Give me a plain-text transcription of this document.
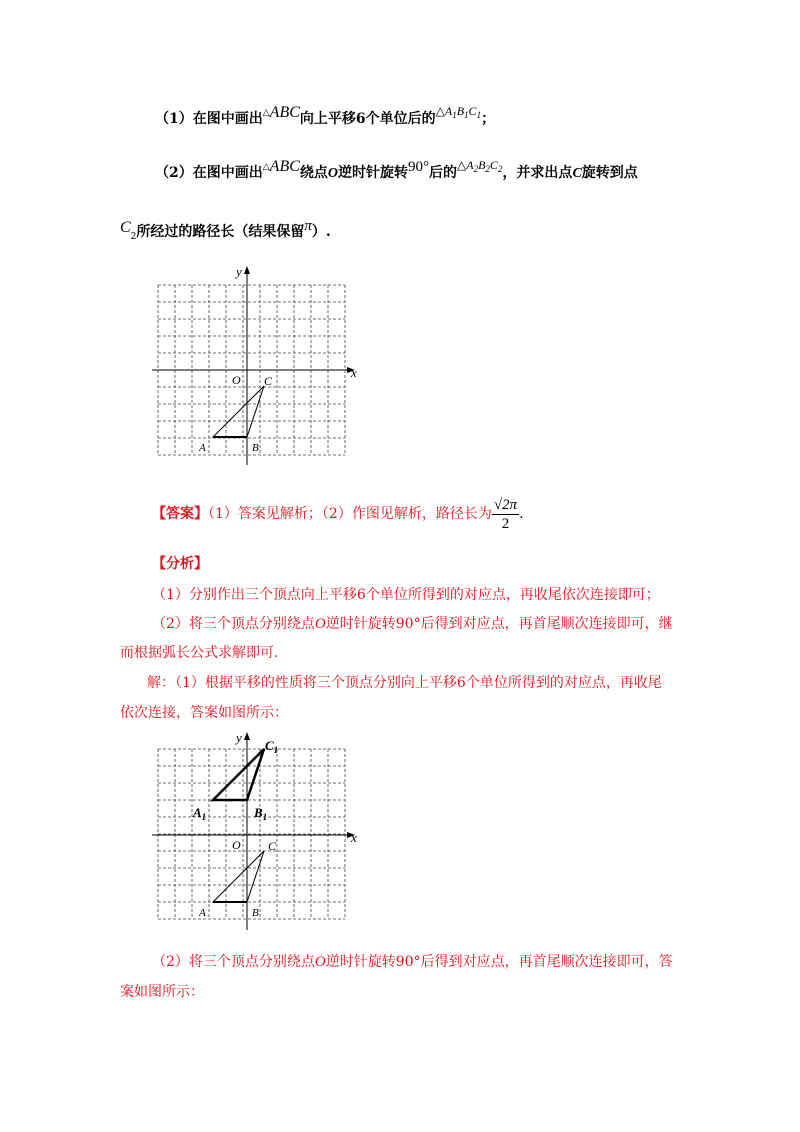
（1）在图中画出△ABC向上平移6个单位后的$\triangle A_1B_1C_1$；
（2）在图中画出△ABC绕点O逆时针旋转90°后的$\triangle A_2B_2C_2$，并求出点C旋转到点
$C_2$所经过的路径长（结果保留π）.
x
y
O
A	B
C
【答案】（1）答案见解析；（2）作图见解析，路径长为 $\frac{√2\pi}{2}$ .
【分析】
（1）分别作出三个顶点向上平移6个单位所得到的对应点，再收尾依次连接即可；
（2）将三个顶点分别绕点O逆时针旋转90°后得到对应点，再首尾顺次连接即可，继
而根据弧长公式求解即可.
解：（1）根据平移的性质将三个顶点分别向上平移6个单位所得到的对应点，再收尾
依次连接，答案如图所示：
x
y
O
A	B
C
$A_1$	$B_1$
$C_1$
（2）将三个顶点分别绕点O逆时针旋转90°后得到对应点，再首尾顺次连接即可，答
案如图所示：
